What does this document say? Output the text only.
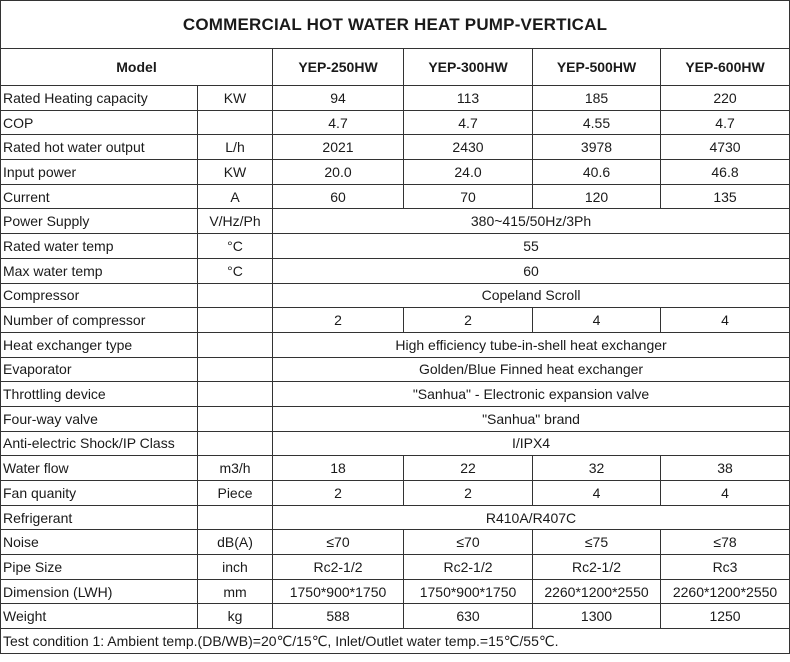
COMMERCIAL HOT WATER HEAT PUMP-VERTICAL					
Model		YEP-250HW	YEP-300HW	YEP-500HW	YEP-600HW
Rated Heating capacity	KW	94	113	185	220
COP		4.7	4.7	4.55	4.7
Rated hot water output	L/h	2021	2430	3978	4730
Input power	KW	20.0	24.0	40.6	46.8
Current	A	60	70	120	135
Power Supply	V/Hz/Ph	380~415/50Hz/3Ph			
Rated water temp	°C	55			
Max water temp	°C	60			
Compressor		Copeland Scroll			
Number of compressor		2	2	4	4
Heat exchanger type		High efficiency tube-in-shell heat exchanger			
Evaporator		Golden/Blue Finned heat exchanger			
Throttling device		"Sanhua" - Electronic expansion valve			
Four-way valve		"Sanhua" brand			
Anti-electric Shock/IP Class		I/IPX4			
Water flow	m3/h	18	22	32	38
Fan quanity	Piece	2	2	4	4
Refrigerant		R410A/R407C			
Noise	dB(A)	≤70	≤70	≤75	≤78
Pipe Size	inch	Rc2-1/2	Rc2-1/2	Rc2-1/2	Rc3
Dimension (LWH)	mm	1750*900*1750	1750*900*1750	2260*1200*2550	2260*1200*2550
Weight	kg	588	630	1300	1250
Test condition 1: Ambient temp.(DB/WB)=20℃/15℃, Inlet/Outlet water temp.=15℃/55℃.					
